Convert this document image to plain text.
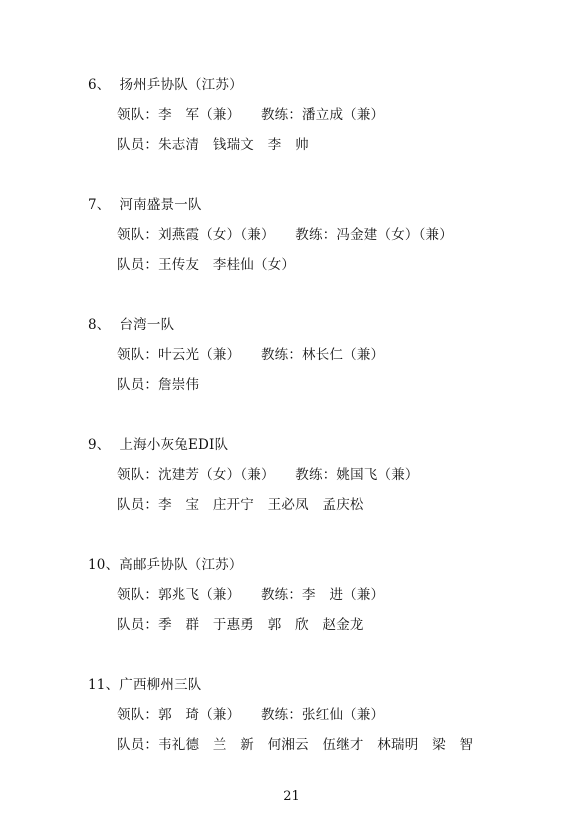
6、  扬州乒协队（江苏）
领队：李　军（兼）　　教练：潘立成（兼）
队员：朱志清　钱瑞文　李　帅
7、  河南盛景一队
领队：刘燕霞（女）（兼）　　教练：冯金建（女）（兼）
队员：王传友　李桂仙（女）
8、  台湾一队
领队：叶云光（兼）　　教练：林长仁（兼）
队员：詹崇伟
9、  上海小灰兔EDI队
领队：沈建芳（女）（兼）　　教练：姚国飞（兼）
队员：李　宝　庄开宁　王必凤　孟庆松
10、高邮乒协队（江苏）
领队：郭兆飞（兼）　　教练：李　进（兼）
队员：季　群　于惠勇　郭　欣　赵金龙
11、广西柳州三队
领队：郭　琦（兼）　　教练：张红仙（兼）
队员：韦礼德　兰　新　何湘云　伍继才　林瑞明　梁　智
21
